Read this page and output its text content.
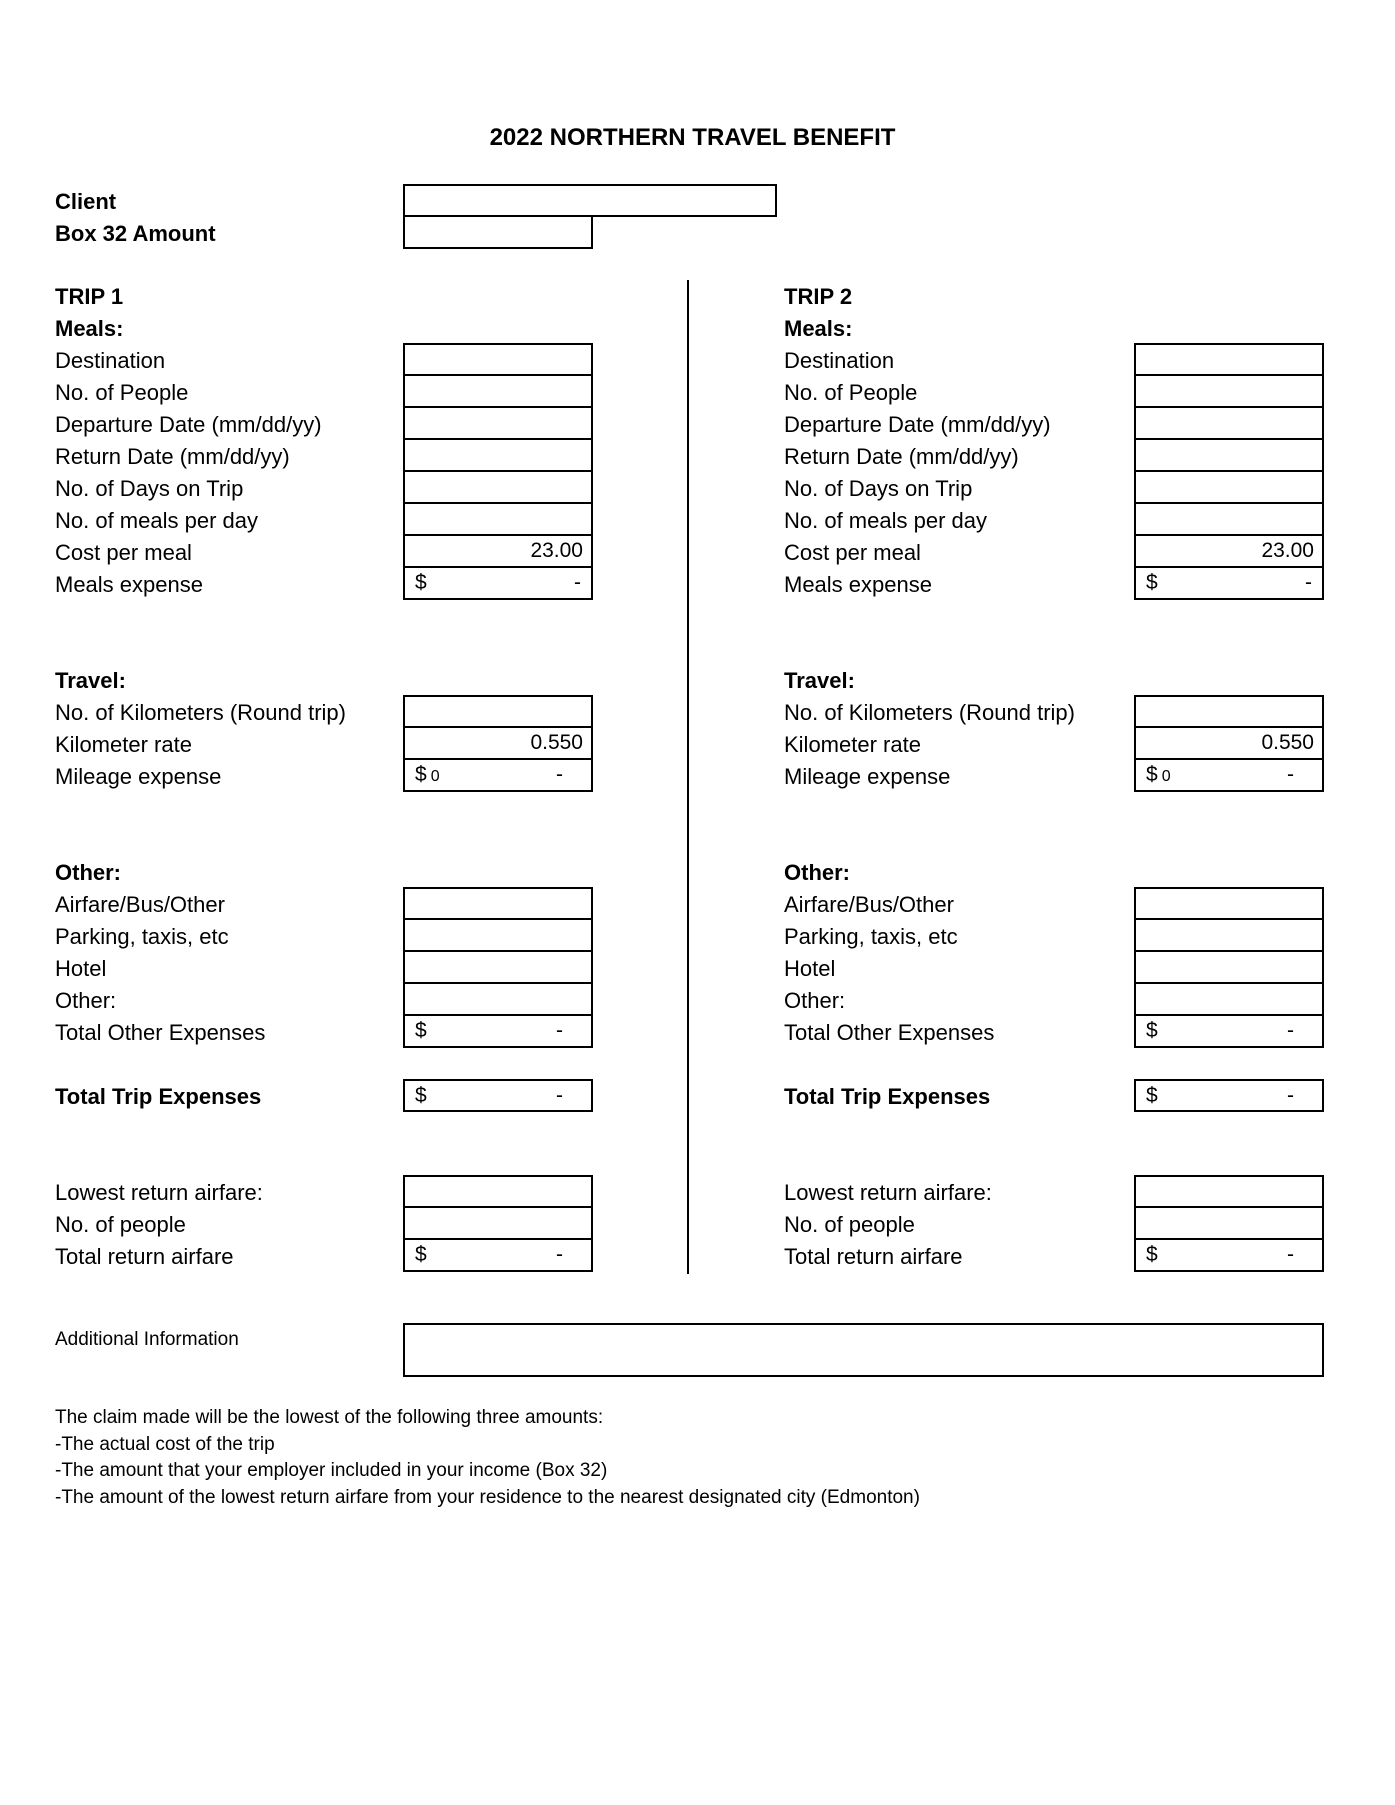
2022 NORTHERN TRAVEL BENEFIT
Client
Box 32 Amount
TRIP 1
Meals:
Destination
No. of People
Departure Date (mm/dd/yy)
Return Date (mm/dd/yy)
No. of Days on Trip
No. of meals per day
Cost per meal	23.00
Meals expense	$	-
Travel:
No. of Kilometers (Round trip)
Kilometer rate	0.550
Mileage expense	$ 0	-
Other:
Airfare/Bus/Other
Parking, taxis, etc
Hotel
Other:
Total Other Expenses	$	-
Total Trip Expenses	$	-
Lowest return airfare:
No. of people
Total return airfare	$	-
TRIP 2
Meals:
Destination
No. of People
Departure Date (mm/dd/yy)
Return Date (mm/dd/yy)
No. of Days on Trip
No. of meals per day
Cost per meal	23.00
Meals expense	$	-
Travel:
No. of Kilometers (Round trip)
Kilometer rate	0.550
Mileage expense	$ 0	-
Other:
Airfare/Bus/Other
Parking, taxis, etc
Hotel
Other:
Total Other Expenses	$	-
Total Trip Expenses	$	-
Lowest return airfare:
No. of people
Total return airfare	$	-
Additional Information
The claim made will be the lowest of the following three amounts:
-The actual cost of the trip
-The amount that your employer included in your income (Box 32)
-The amount of the lowest return airfare from your residence to the nearest designated city (Edmonton)
